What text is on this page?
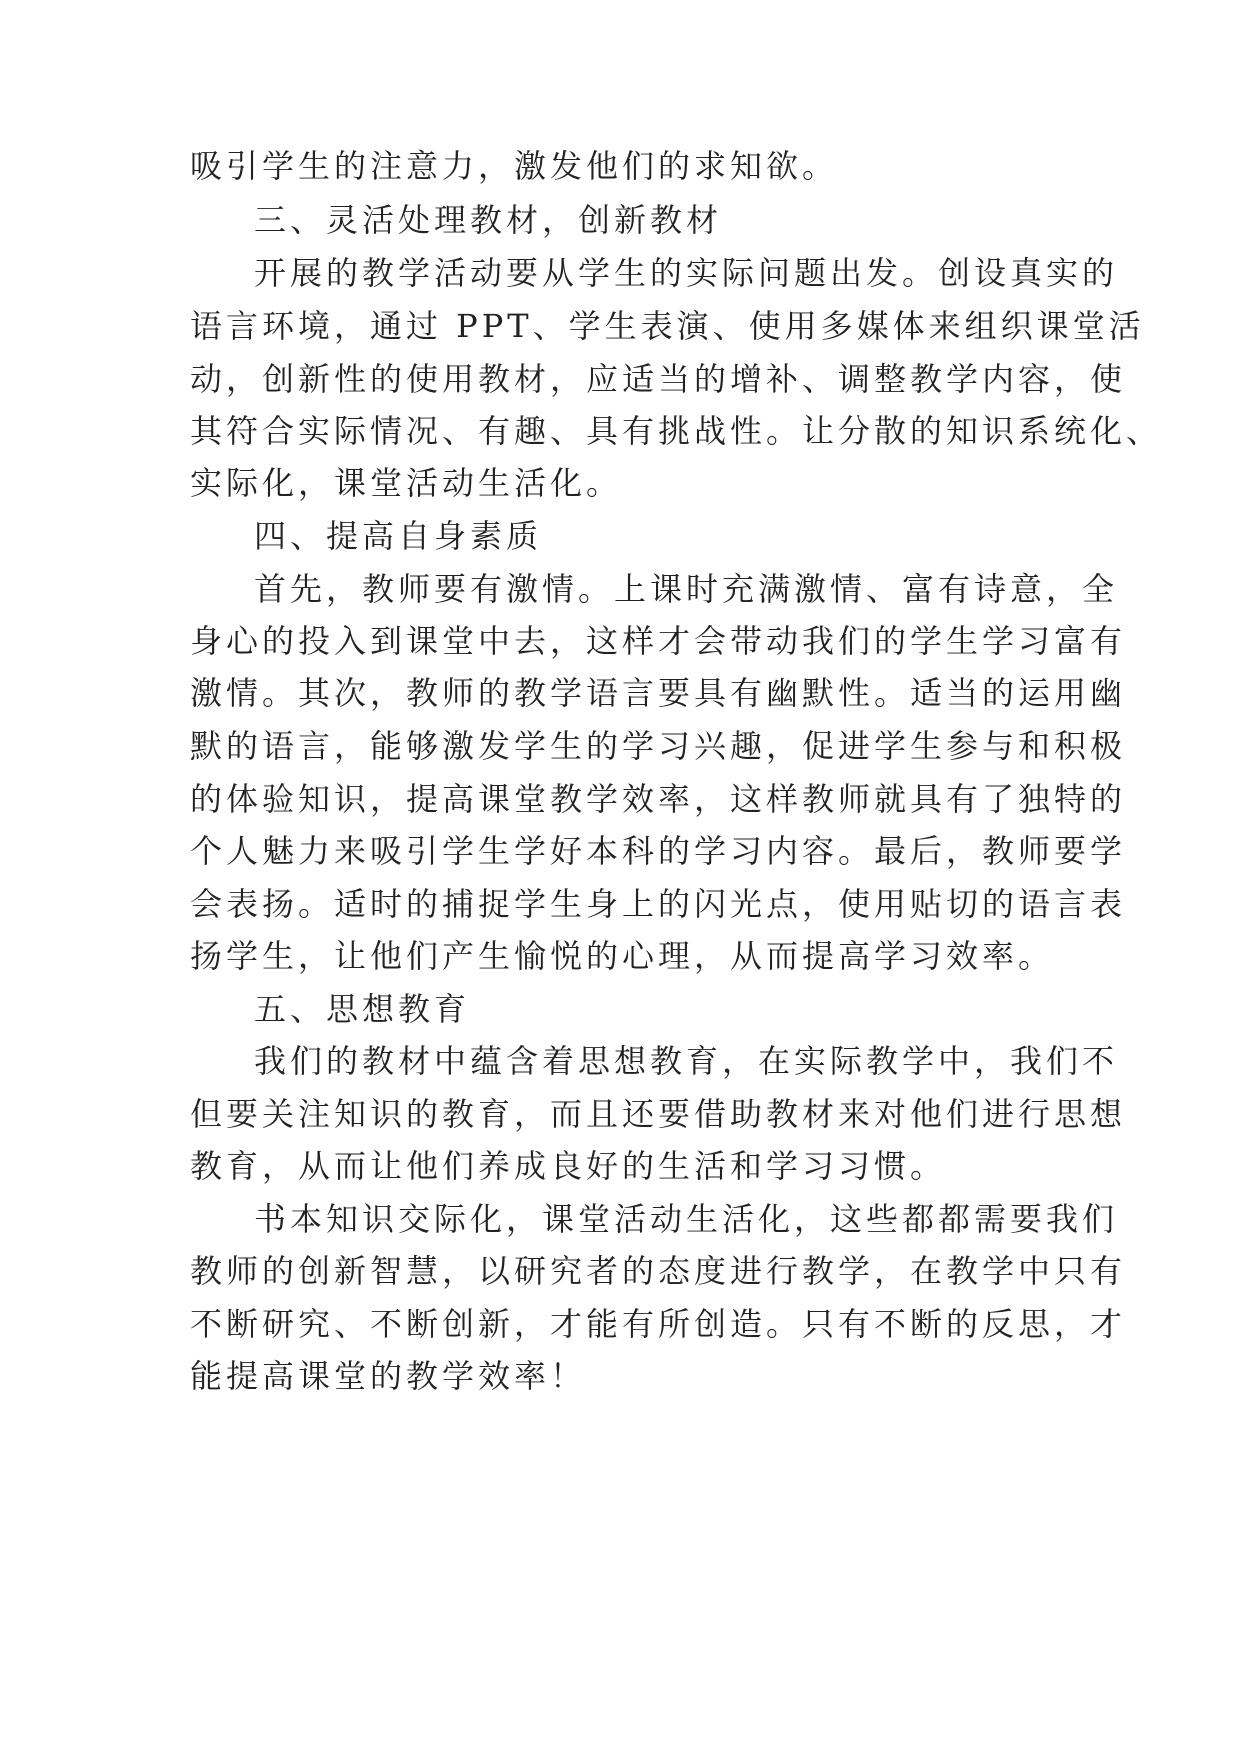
吸引学生的注意力，激发他们的求知欲。
三、灵活处理教材，创新教材
开展的教学活动要从学生的实际问题出发。创设真实的
语言环境，通过 PPT、学生表演、使用多媒体来组织课堂活
动，创新性的使用教材，应适当的增补、调整教学内容，使
其符合实际情况、有趣、具有挑战性。让分散的知识系统化、
实际化，课堂活动生活化。
四、提高自身素质
首先，教师要有激情。上课时充满激情、富有诗意，全
身心的投入到课堂中去，这样才会带动我们的学生学习富有
激情。其次，教师的教学语言要具有幽默性。适当的运用幽
默的语言，能够激发学生的学习兴趣，促进学生参与和积极
的体验知识，提高课堂教学效率，这样教师就具有了独特的
个人魅力来吸引学生学好本科的学习内容。最后，教师要学
会表扬。适时的捕捉学生身上的闪光点，使用贴切的语言表
扬学生，让他们产生愉悦的心理，从而提高学习效率。
五、思想教育
我们的教材中蕴含着思想教育，在实际教学中，我们不
但要关注知识的教育，而且还要借助教材来对他们进行思想
教育，从而让他们养成良好的生活和学习习惯。
书本知识交际化，课堂活动生活化，这些都都需要我们
教师的创新智慧，以研究者的态度进行教学，在教学中只有
不断研究、不断创新，才能有所创造。只有不断的反思，才
能提高课堂的教学效率！
